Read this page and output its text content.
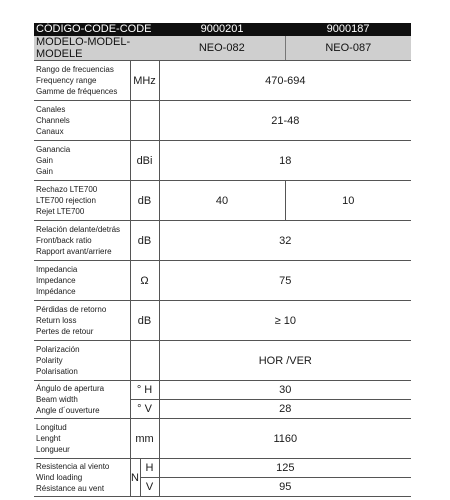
CÓDIGO-CODE-CODE			9000201	9000187
MODELO-MODEL-MODELE			NEO-082	NEO-087

Rango de frecuencias
Frequency range
Gamme de fréquences	MHz		470-694	

Canales
Channels
Canaux			21-48	

Ganancia
Gain
Gain	dBi		18	

Rechazo LTE700
LTE700 rejection
Rejet LTE700	dB		40	10

Relación delante/detrás
Front/back ratio
Rapport avant/arriere	dB		32	

Impedancia
Impedance
Impédance	Ω		75	

Pérdidas de retorno
Return loss
Pertes de retour	dB		≥ 10	

Polarización
Polarity
Polarisation			HOR /VER	

Ángulo de apertura
Beam width
Angle d´ouverture	° H		30	
	° V		28	

Longitud
Lenght
Longueur	mm		1160	

Resistencia al viento
Wind loading
Résistance au vent	N	H	125	
		V	95	
